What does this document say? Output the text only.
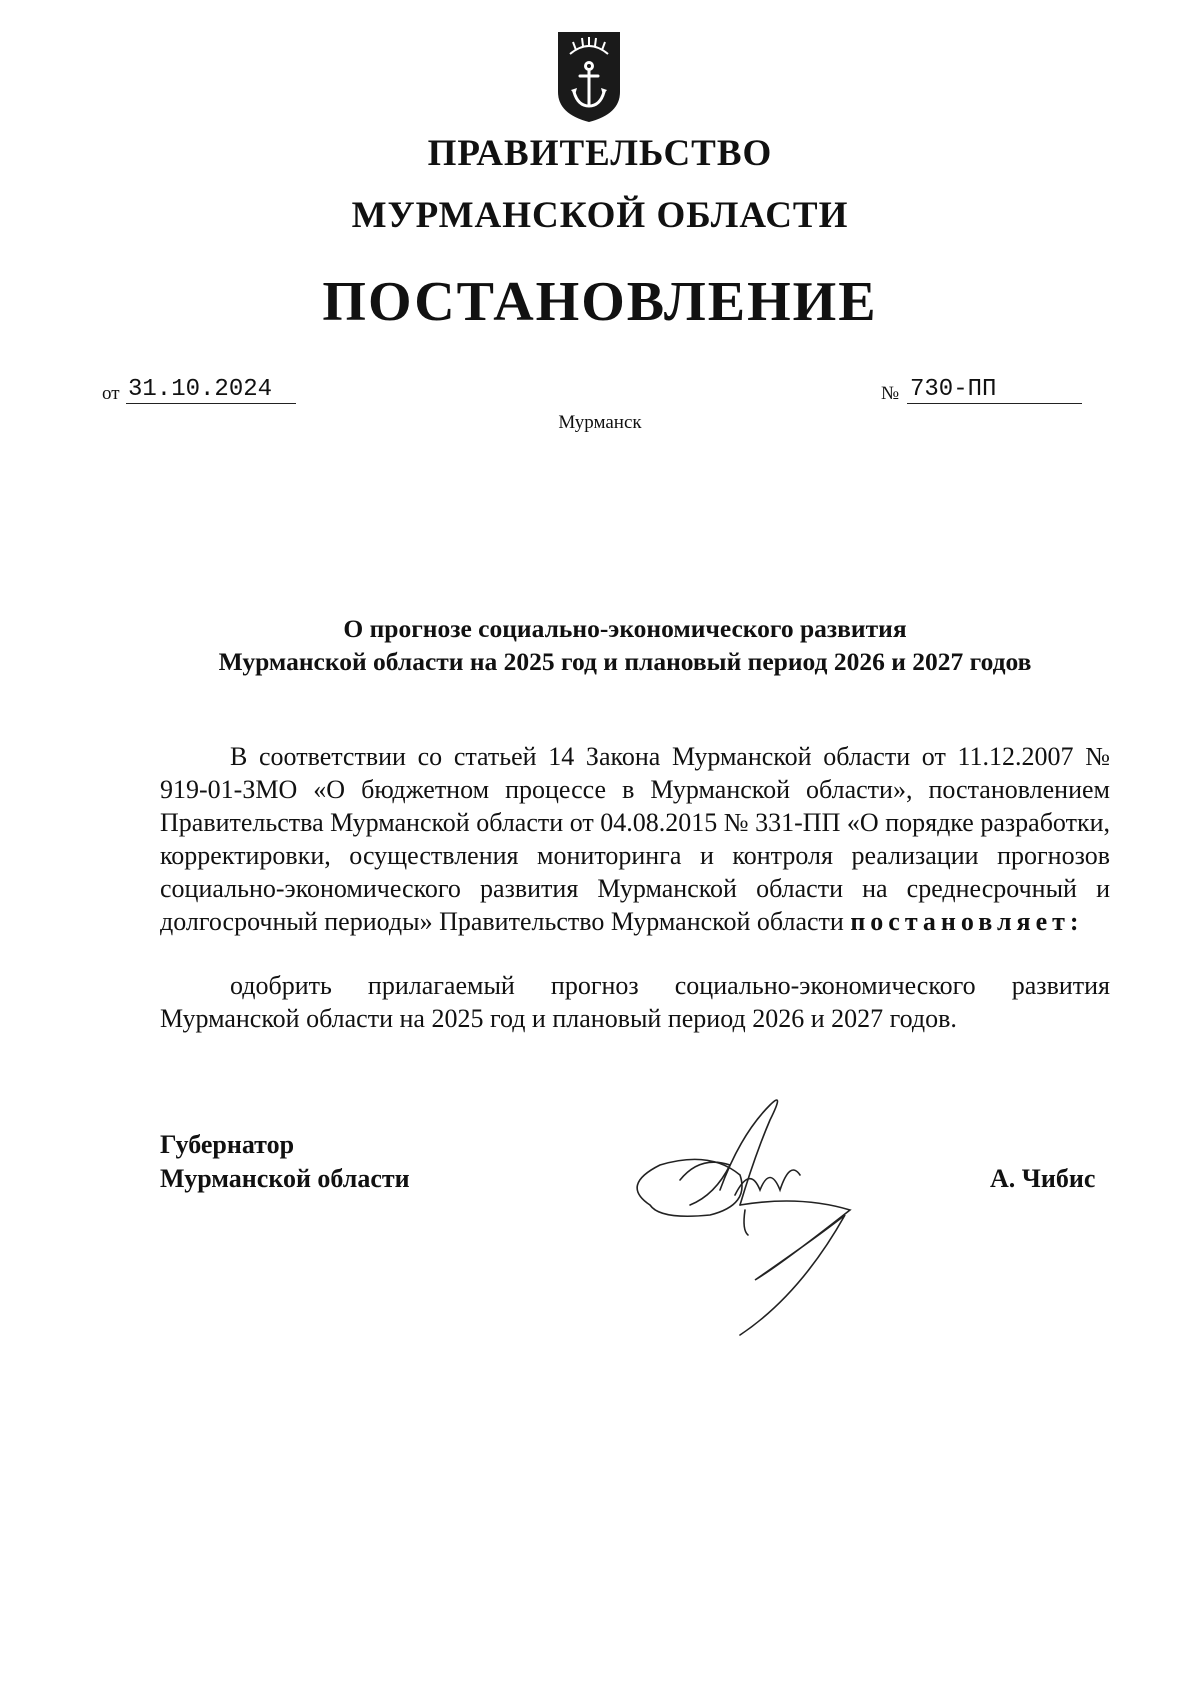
ПРАВИТЕЛЬСТВО
МУРМАНСКОЙ ОБЛАСТИ
ПОСТАНОВЛЕНИЕ
от 31.10.2024	№ 730-ПП
Мурманск
О прогнозе социально-экономического развития
Мурманской области на 2025 год и плановый период 2026 и 2027 годов
В соответствии со статьей 14 Закона Мурманской области от 11.12.2007 № 919-01-ЗМО «О бюджетном процессе в Мурманской области», постановлением Правительства Мурманской области от 04.08.2015 № 331-ПП «О порядке разработки, корректировки, осуществления мониторинга и контроля реализации прогнозов социально-экономического развития Мурманской области на среднесрочный и долгосрочный периоды» Правительство Мурманской области постановляет:
одобрить прилагаемый прогноз социально-экономического развития Мурманской области на 2025 год и плановый период 2026 и 2027 годов.
Губернатор
Мурманской области	А. Чибис
